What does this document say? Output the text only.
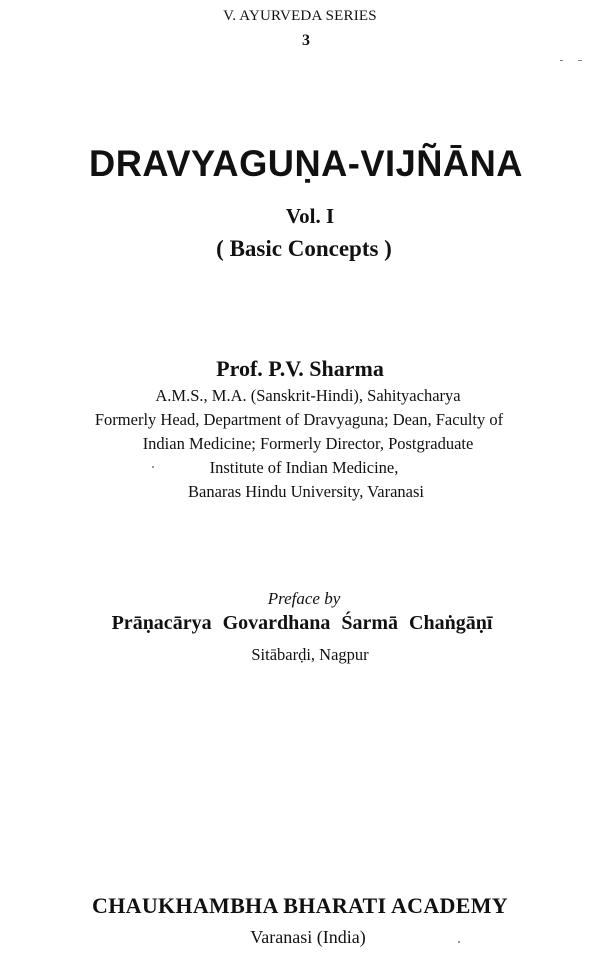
V. AYURVEDA SERIES
3
DRAVYAGUṆA-VIJÑĀNA
Vol. I
( Basic Concepts )
Prof. P.V. Sharma
A.M.S., M.A. (Sanskrit-Hindi), Sahityacharya
Formerly Head, Department of Dravyaguna; Dean, Faculty of
Indian Medicine; Formerly Director, Postgraduate
Institute of Indian Medicine,
Banaras Hindu University, Varanasi
Preface by
Prāṇacārya Govardhana Śarmā Chaṅgāṇī
Sitābarḍi, Nagpur
CHAUKHAMBHA BHARATI ACADEMY
Varanasi (India)
